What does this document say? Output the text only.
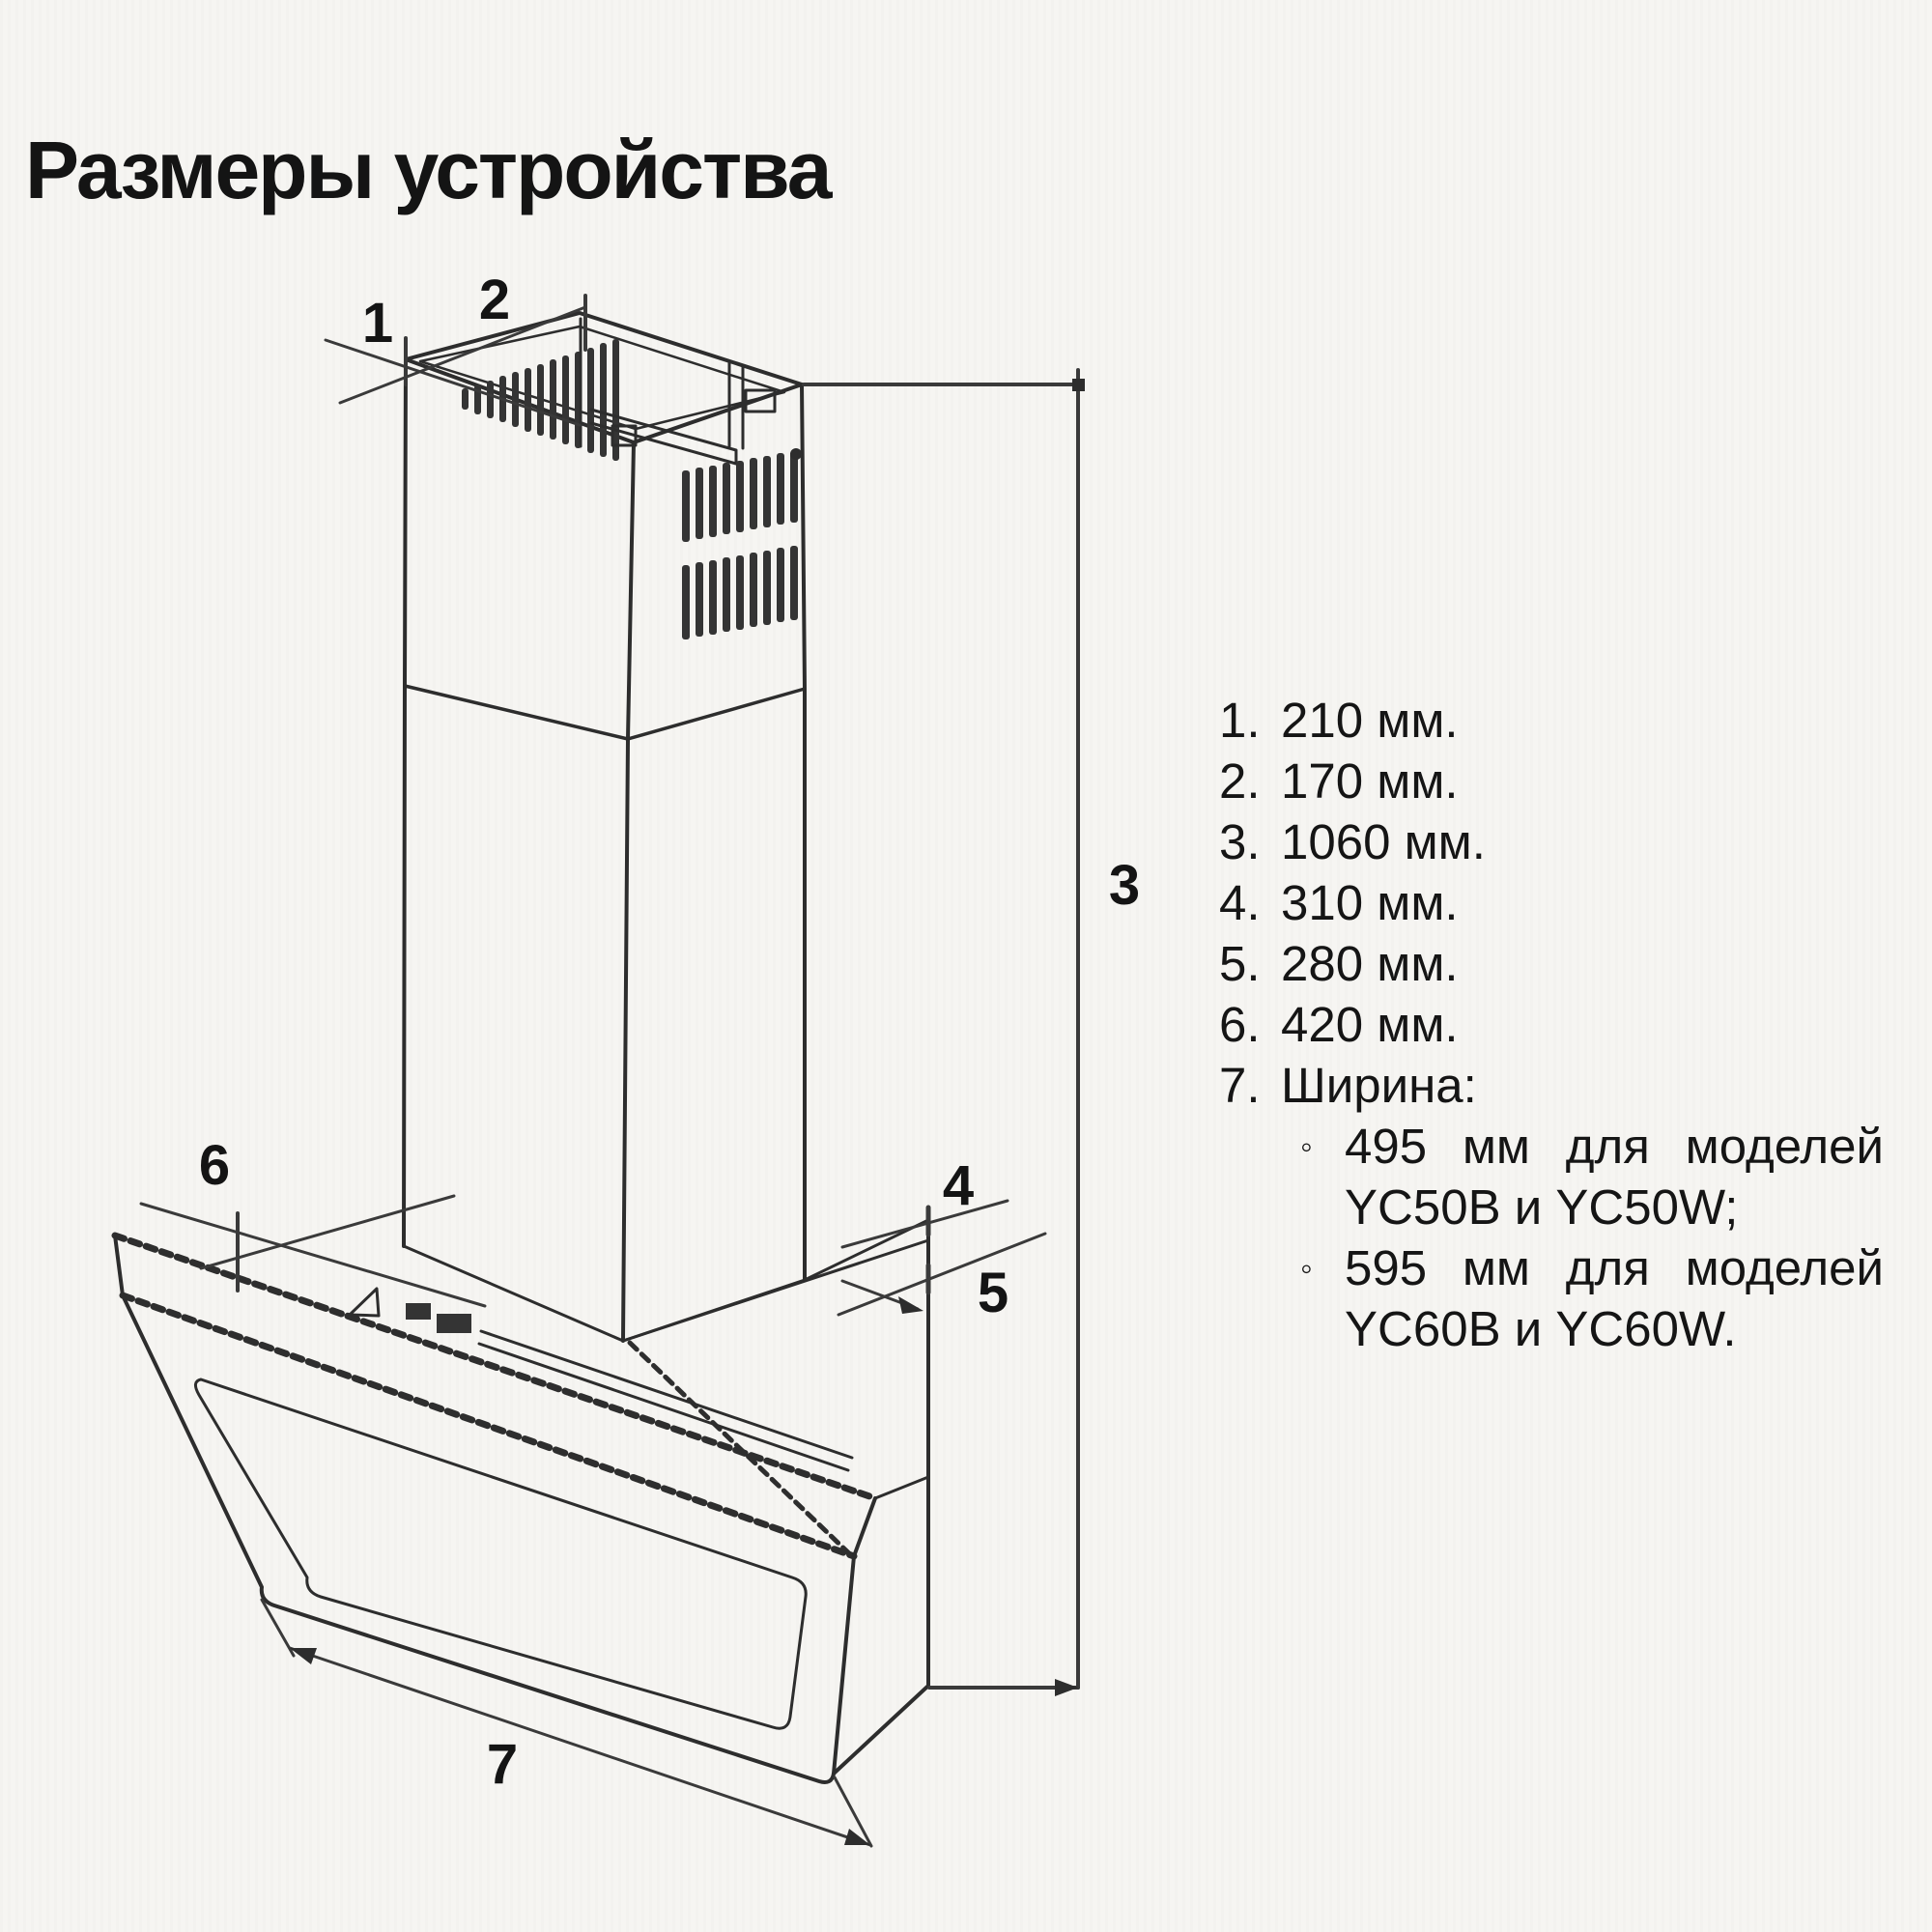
Размеры устройства
1 2
3
4
5
6
7
1. 210 мм.
2. 170 мм.
3. 1060 мм.
4. 310 мм.
5. 280 мм.
6. 420 мм.
7. Ширина:
◦ 495 мм для моделей
YC50B и YC50W;
◦ 595 мм для моделей
YC60B и YC60W.
